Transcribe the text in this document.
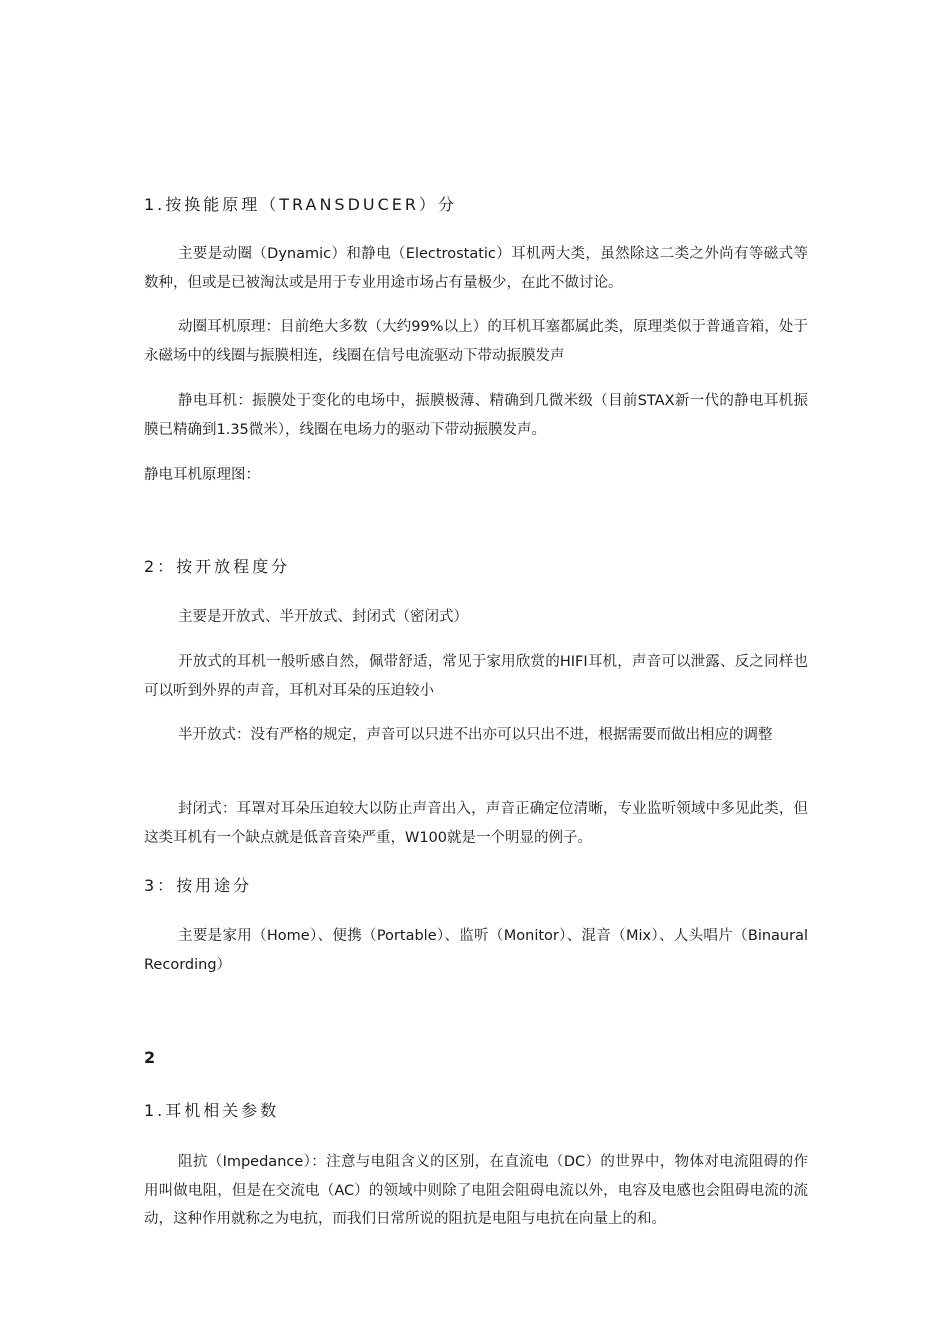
1.按换能原理（TRANSDUCER）分

主要是动圈（Dynamic）和静电（Electrostatic）耳机两大类，虽然除这二类之外尚有等磁式等数种，但或是已被淘汰或是用于专业用途市场占有量极少，在此不做讨论。

动圈耳机原理：目前绝大多数（大约99%以上）的耳机耳塞都属此类，原理类似于普通音箱，处于永磁场中的线圈与振膜相连，线圈在信号电流驱动下带动振膜发声

静电耳机：振膜处于变化的电场中，振膜极薄、精确到几微米级（目前STAX新一代的静电耳机振膜已精确到1.35微米），线圈在电场力的驱动下带动振膜发声。

静电耳机原理图：

2：按开放程度分

主要是开放式、半开放式、封闭式（密闭式）

开放式的耳机一般听感自然，佩带舒适，常见于家用欣赏的HIFI耳机，声音可以泄露、反之同样也可以听到外界的声音，耳机对耳朵的压迫较小

半开放式：没有严格的规定，声音可以只进不出亦可以只出不进，根据需要而做出相应的调整

封闭式：耳罩对耳朵压迫较大以防止声音出入，声音正确定位清晰，专业监听领域中多见此类，但这类耳机有一个缺点就是低音音染严重，W100就是一个明显的例子。

3：按用途分

主要是家用（Home）、便携（Portable）、监听（Monitor）、混音（Mix）、人头唱片（Binaural Recording）

2
1.耳机相关参数

阻抗（Impedance）：注意与电阻含义的区别，在直流电（DC）的世界中，物体对电流阻碍的作用叫做电阻，但是在交流电（AC）的领域中则除了电阻会阻碍电流以外，电容及电感也会阻碍电流的流动，这种作用就称之为电抗，而我们日常所说的阻抗是电阻与电抗在向量上的和。
